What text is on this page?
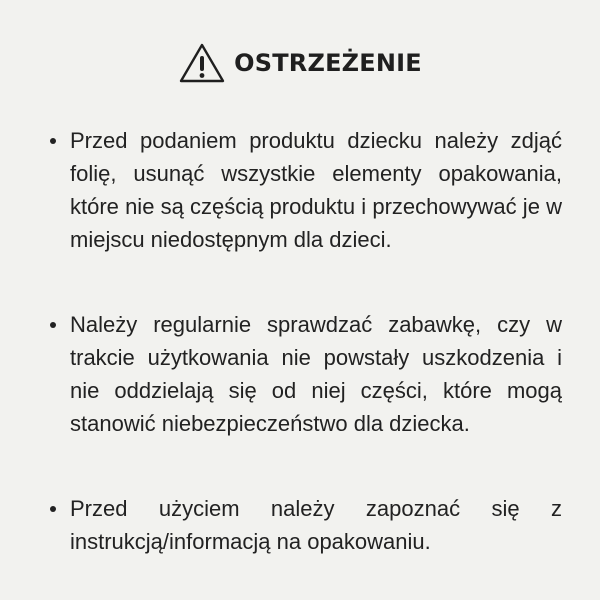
OSTRZEŻENIE
Przed podaniem produktu dziecku należy zdjąć folię, usunąć wszystkie elementy opakowania, które nie są częścią produktu i przechowywać je w miejscu niedostępnym dla dzieci.
Należy regularnie sprawdzać zabawkę, czy w trakcie użytkowania nie powstały uszkodzenia i nie oddzielają się od niej części, które mogą stanowić niebezpieczeństwo dla dziecka.
Przed użyciem należy zapoznać się z instrukcją/informacją na opakowaniu.
